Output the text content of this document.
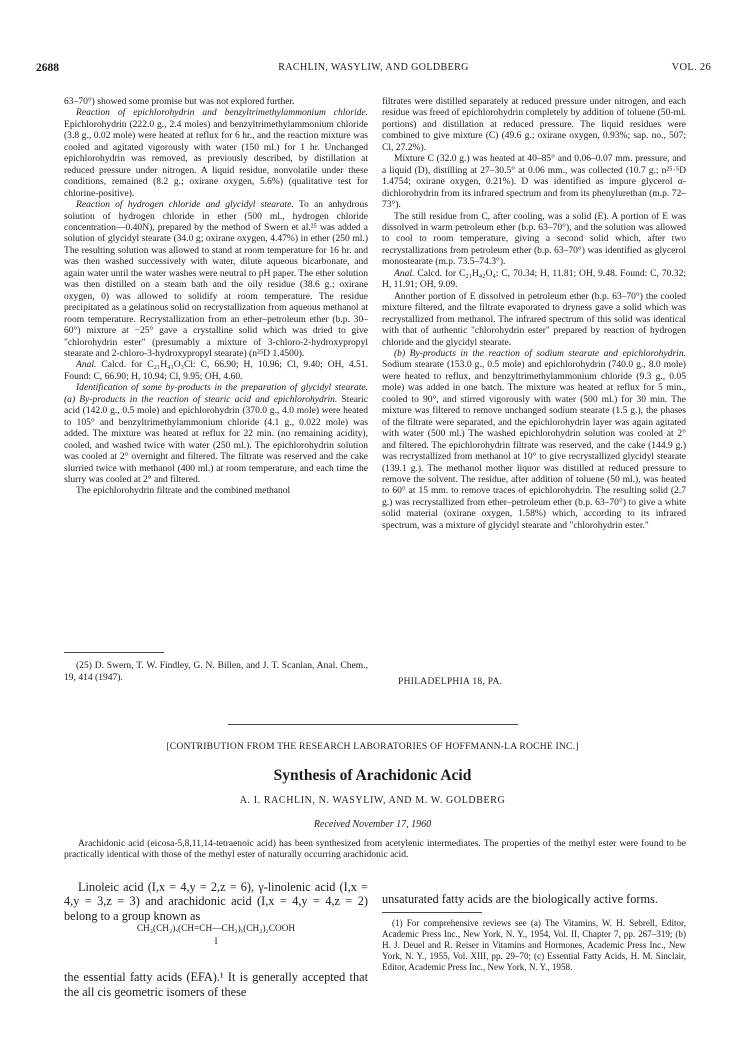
2688	RACHLIN, WASYLIW, AND GOLDBERG	VOL. 26

63–70°) showed some promise but was not explored further.

Reaction of epichlorohydrin and benzyltrimethylammonium chloride. Epichlorohydrin (222.0 g., 2.4 moles) and benzyltrimethylammonium chloride (3.8 g., 0.02 mole) were heated at reflux for 6 hr., and the reaction mixture was cooled and agitated vigorously with water (150 ml.) for 1 hr. Unchanged epichlorohydrin was removed, as previously described, by distillation at reduced pressure under nitrogen. A liquid residue, nonvolatile under these conditions, remained (8.2 g.; oxirane oxygen, 5.6%) (qualitative test for chlorine-positive).

Reaction of hydrogen chloride and glycidyl stearate. To an anhydrous solution of hydrogen chloride in ether (500 ml., hydrogen chloride concentration—0.40N), prepared by the method of Swern et al.²⁵ was added a solution of glycidyl stearate (34.0 g; oxirane oxygen, 4.47%) in ether (250 ml.) The resulting solution was allowed to stand at room temperature for 16 hr. and was then washed successively with water, dilute aqueous bicarbonate, and again water until the water washes were neutral to pH paper. The ether solution was then distilled on a steam bath and the oily residue (38.6 g.; oxirane oxygen, 0) was allowed to solidify at room temperature. The residue precipitated as a gelatinous solid on recrystallization from aqueous methanol at room temperature. Recrystallization from an ether–petroleum ether (b.p. 30–60°) mixture at −25° gave a crystalline solid which was dried to give "chlorohydrin ester" (presumably a mixture of 3-chloro-2-hydroxypropyl stearate and 2-chloro-3-hydroxypropyl stearate) (n²⁵D 1.4500).

Anal. Calcd. for C₂₁H₄₁O₃Cl: C, 66.90; H, 10.96; Cl, 9.40; OH, 4.51. Found: C, 66.90; H, 10.94; Cl, 9.95; OH, 4.60.

Identification of some by-products in the preparation of glycidyl stearate. (a) By-products in the reaction of stearic acid and epichlorohydrin. Stearic acid (142.0 g., 0.5 mole) and epichlorohydrin (370.0 g., 4.0 mole) were heated to 105° and benzyltrimethylammonium chloride (4.1 g., 0.022 mole) was added. The mixture was heated at reflux for 22 min. (no remaining acidity), cooled, and washed twice with water (250 ml.). The epichlorohydrin solution was cooled at 2° overnight and filtered. The filtrate was reserved and the cake slurried twice with methanol (400 ml.) at room temperature, and each time the slurry was cooled at 2° and filtered.

The epichlorohydrin filtrate and the combined methanol

filtrates were distilled separately at reduced pressure under nitrogen, and each residue was freed of epichlorohydrin completely by addition of toluene (50-ml. portions) and distillation at reduced pressure. The liquid residues were combined to give mixture (C) (49.6 g.; oxirane oxygen, 0.93%; sap. no., 507; Cl, 27.2%).

Mixture C (32.0 g.) was heated at 40–85° and 0.06–0.07 mm. pressure, and a liquid (D), distilling at 27–30.5° at 0.06 mm., was collected (10.7 g.; n²⁵·⁵D 1.4754; oxirane oxygen, 0.21%). D was identified as impure glycerol α-dichlorohydrin from its infrared spectrum and from its phenylurethan (m.p. 72–73°).

The still residue from C, after cooling, was a solid (E). A portion of E was dissolved in warm petroleum ether (b.p. 63–70°), and the solution was allowed to cool to room temperature, giving a second solid which, after two recrystallizations from petroleum ether (b.p. 63–70°) was identified as glycerol monostearate (m.p. 73.5–74.3°).

Anal. Calcd. for C₂₁H₄₂O₄: C, 70.34; H, 11.81; OH, 9.48. Found: C, 70.32; H, 11.91; OH, 9.09.

Another portion of E dissolved in petroleum ether (b.p. 63–70°) the cooled mixture filtered, and the filtrate evaporated to dryness gave a solid which was recrystallized from methanol. The infrared spectrum of this solid was identical with that of authentic "chlorohydrin ester" prepared by reaction of hydrogen chloride and the glycidyl stearate.

(b) By-products in the reaction of sodium stearate and epichlorohydrin. Sodium stearate (153.0 g., 0.5 mole) and epichlorohydrin (740.0 g., 8.0 mole) were heated to reflux, and benzyltrimethylammonium chloride (9.3 g., 0.05 mole) was added in one batch. The mixture was heated at reflux for 5 min., cooled to 90°, and stirred vigorously with water (500 ml.) for 30 min. The mixture was filtered to remove unchanged sodium stearate (1.5 g.), the phases of the filtrate were separated, and the epichlorohydrin layer was again agitated with water (500 ml.) The washed epichlorohydrin solution was cooled at 2° and filtered. The epichlorohydrin filtrate was reserved, and the cake (144.9 g.) was recrystallized from methanol at 10° to give recrystallized glycidyl stearate (139.1 g.). The methanol mother liquor was distilled at reduced pressure to remove the solvent. The residue, after addition of toluene (50 ml.), was heated to 60° at 15 mm. to remove traces of epichlorohydrin. The resulting solid (2.7 g.) was recrystallized from ether–petroleum ether (b.p. 63–70°) to give a white solid material (oxirane oxygen, 1.58%) which, according to its infrared spectrum, was a mixture of glycidyl stearate and "chlorohydrin ester."

(25) D. Swern, T. W. Findley, G. N. Billen, and J. T. Scanlan, Anal. Chem., 19, 414 (1947).	PHILADELPHIA 18, PA.
[CONTRIBUTION FROM THE RESEARCH LABORATORIES OF HOFFMANN-LA ROCHE INC.]
Synthesis of Arachidonic Acid
A. I. RACHLIN, N. WASYLIW, AND M. W. GOLDBERG
Received November 17, 1960

Arachidonic acid (eicosa-5,8,11,14-tetraenoic acid) has been synthesized from acetylenic intermediates. The properties of the methyl ester were found to be practically identical with those of the methyl ester of naturally occurring arachidonic acid.

Linoleic acid (I,x = 4,y = 2,z = 6), γ-linolenic acid (I,x = 4,y = 3,z = 3) and arachidonic acid (I,x = 4,y = 4,z = 2) belong to a group known as

CH₃(CH₂)ₓ(CH=CH—CH₂)ᵧ(CH₂)₂COOH
I

the essential fatty acids (EFA).¹ It is generally accepted that the all cis geometric isomers of these

unsaturated fatty acids are the biologically active forms.

(1) For comprehensive reviews see (a) The Vitamins, W. H. Sebrell, Editor, Academic Press Inc., New York, N. Y., 1954, Vol. II, Chapter 7, pp. 267–319; (b) H. J. Deuel and R. Reiser in Vitamins and Hormones, Academic Press Inc., New York, N. Y., 1955, Vol. XIII, pp. 29–70; (c) Essential Fatty Acids, H. M. Sinclair, Editor, Academic Press Inc., New York, N. Y., 1958.
